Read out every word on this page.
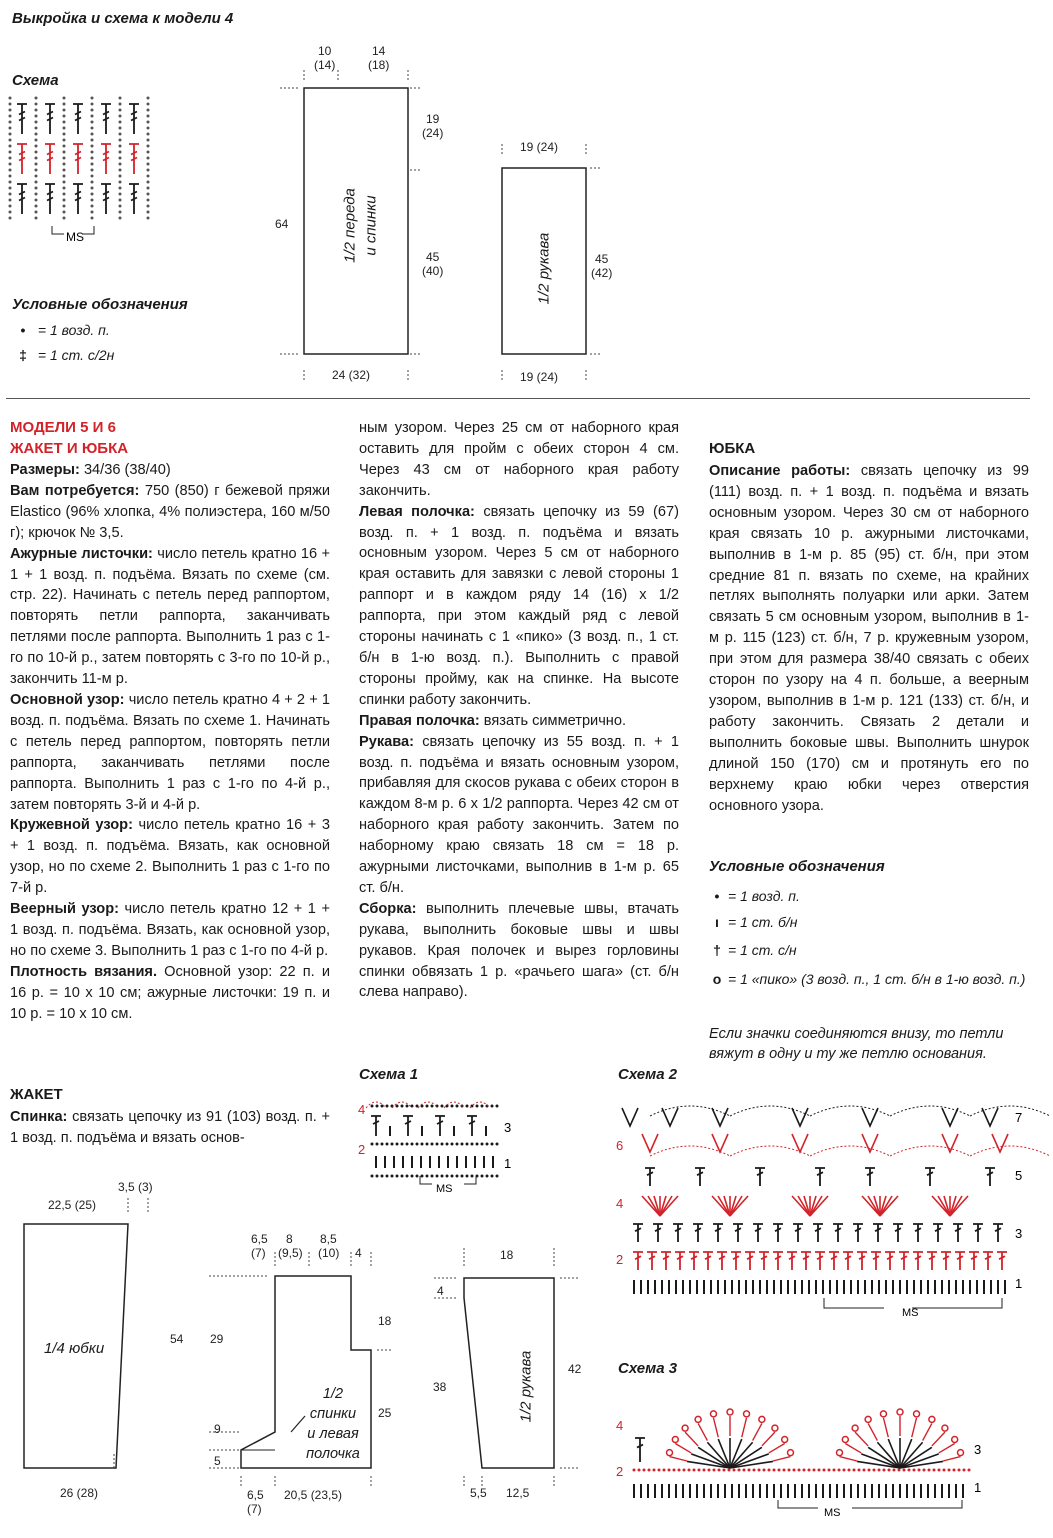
Выкройка и схема к модели 4
Схема
MS
Условные обозначения
• = 1 возд. п.
‡ = 1 ст. с/2н
10
(14)
14
(18)
19
(24)
45
(40)
64
24 (32)
1/2 переда и спинки
19 (24)
45
(42)
19 (24)
1/2 рукава
МОДЕЛИ 5 И 6
ЖАКЕТ И ЮБКА

Размеры: 34/36 (38/40)

Вам потребуется: 750 (850) г бежевой пряжи Elastico (96% хлопка, 4% полиэстера, 160 м/50 г); крючок № 3,5.

Ажурные листочки: число петель кратно 16 + 1 + 1 возд. п. подъёма. Вязать по схеме (см. стр. 22). Начинать с петель перед раппортом, повторять петли раппорта, заканчивать петлями после раппорта. Выполнить 1 раз с 1-го по 10-й р., затем повторять с 3-го по 10-й р., закончить 11-м р.

Основной узор: число петель кратно 4 + 2 + 1 возд. п. подъёма. Вязать по схеме 1. Начинать с петель перед раппортом, повторять петли раппорта, заканчивать петлями после раппорта. Выполнить 1 раз с 1-го по 4-й р., затем повторять 3-й и 4-й р.

Кружевной узор: число петель кратно 16 + 3 + 1 возд. п. подъёма. Вязать, как основной узор, но по схеме 2. Выполнить 1 раз с 1-го по 7-й р.

Веерный узор: число петель кратно 12 + 1 + 1 возд. п. подъёма. Вязать, как основной узор, но по схеме 3. Выполнить 1 раз с 1-го по 4-й р.

Плотность вязания. Основной узор: 22 п. и 16 р. = 10 х 10 см; ажурные листочки: 19 п. и 10 р. = 10 х 10 см.

ЖАКЕТ

Спинка: связать цепочку из 91 (103) возд. п. + 1 возд. п. подъёма и вязать основ-

ным узором. Через 25 см от наборного края оставить для пройм с обеих сторон 4 см. Через 43 см от наборного края работу закончить.

Левая полочка: связать цепочку из 59 (67) возд. п. + 1 возд. п. подъёма и вязать основным узором. Через 5 см от наборного края оставить для завязки с левой стороны 1 раппорт и в каждом ряду 14 (16) х 1/2 раппорта, при этом каждый ряд с левой стороны начинать с 1 «пико» (3 возд. п., 1 ст. б/н в 1-ю возд. п.). Выполнить с правой стороны пройму, как на спинке. На высоте спинки работу закончить.

Правая полочка: вязать симметрично.

Рукава: связать цепочку из 55 возд. п. + 1 возд. п. подъёма и вязать основным узором, прибавляя для скосов рукава с обеих сторон в каждом 8-м р. 6 х 1/2 раппорта. Через 42 см от наборного края работу закончить. Затем по наборному краю связать 18 см = 18 р. ажурными листочками, выполнив в 1-м р. 65 ст. б/н.

Сборка: выполнить плечевые швы, втачать рукава, выполнить боковые швы и швы рукавов. Края полочек и вырез горловины спинки обвязать 1 р. «рачьего шага» (ст. б/н слева направо).

ЮБКА

Описание работы: связать цепочку из 99 (111) возд. п. + 1 возд. п. подъёма и вязать основным узором. Через 30 см от наборного края связать 10 р. ажурными листочками, выполнив в 1-м р. 85 (95) ст. б/н, при этом средние 81 п. вязать по схеме, на крайних петлях выполнять полуарки или арки. Затем связать 5 см основным узором, выполнив в 1-м р. 115 (123) ст. б/н, 7 р. кружевным узором, при этом для размера 38/40 связать с обеих сторон по узору на 4 п. больше, а веерным узором, выполнив в 1-м р. 121 (133) ст. б/н, и работу закончить. Связать 2 детали и выполнить боковые швы. Выполнить шнурок длиной 150 (170) см и протянуть его по верхнему краю юбки через отверстия основного узора.

Условные обозначения
• = 1 возд. п.
ı = 1 ст. б/н
† = 1 ст. с/н
o = 1 «пико» (3 возд. п., 1 ст. б/н в 1-ю возд. п.)
Если значки соединяются внизу, то петли вяжут в одну и ту же петлю основания.
Схема 1
4
3
2
1
MS
Схема 2
7
6
5
4
3
2
1
MS
Схема 3
4
3
2
1
MS
22,5 (25)
3,5 (3)
54
26 (28)
1/4 юбки
6,5
(7)
8
(9,5)
8,5
(10) 4
29
9
5
18
25
6,5
(7)
20,5 (23,5)
1/2
спинки
и левая
полочка
18
4
38
42
5,5 12,5
1/2 рукава
